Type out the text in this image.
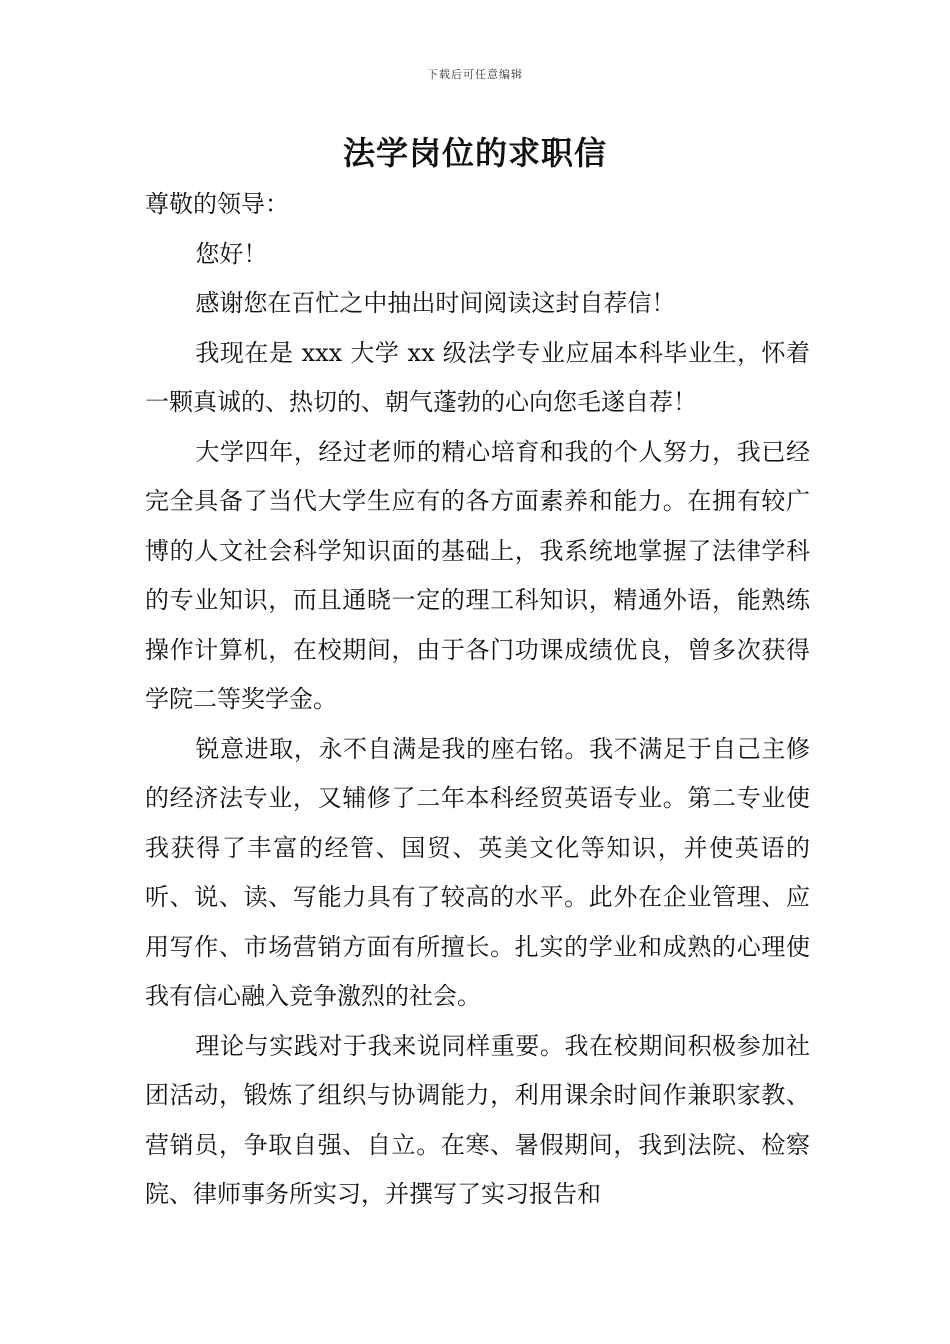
下载后可任意编辑
法学岗位的求职信

尊敬的领导：

您好！

感谢您在百忙之中抽出时间阅读这封自荐信！

我现在是 xxx 大学 xx 级法学专业应届本科毕业生，怀着一颗真诚的、热切的、朝气蓬勃的心向您毛遂自荐！

大学四年，经过老师的精心培育和我的个人努力，我已经完全具备了当代大学生应有的各方面素养和能力。在拥有较广博的人文社会科学知识面的基础上，我系统地掌握了法律学科的专业知识，而且通晓一定的理工科知识，精通外语，能熟练操作计算机，在校期间，由于各门功课成绩优良，曾多次获得学院二等奖学金。

锐意进取，永不自满是我的座右铭。我不满足于自己主修的经济法专业，又辅修了二年本科经贸英语专业。第二专业使我获得了丰富的经管、国贸、英美文化等知识，并使英语的听、说、读、写能力具有了较高的水平。此外在企业管理、应用写作、市场营销方面有所擅长。扎实的学业和成熟的心理使我有信心融入竞争激烈的社会。

理论与实践对于我来说同样重要。我在校期间积极参加社团活动，锻炼了组织与协调能力，利用课余时间作兼职家教、营销员，争取自强、自立。在寒、暑假期间，我到法院、检察院、律师事务所实习，并撰写了实习报告和
